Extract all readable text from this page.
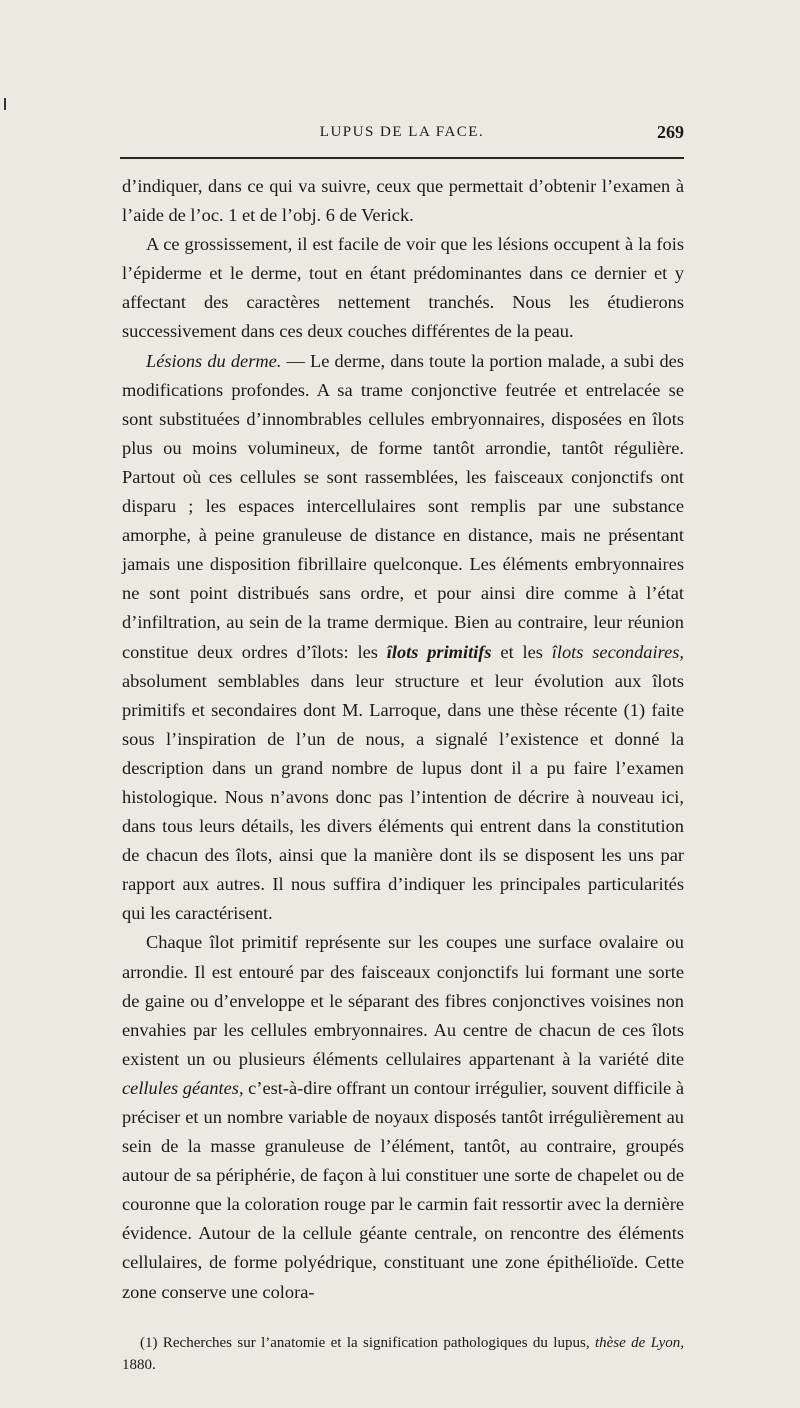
LUPUS DE LA FACE.	269

d’indiquer, dans ce qui va suivre, ceux que permettait d’obtenir l’examen à l’aide de l’oc. 1 et de l’obj. 6 de Verick.

A ce grossissement, il est facile de voir que les lésions occupent à la fois l’épiderme et le derme, tout en étant prédominantes dans ce dernier et y affectant des caractères nettement tranchés. Nous les étudierons successivement dans ces deux couches différentes de la peau.

Lésions du derme. — Le derme, dans toute la portion malade, a subi des modifications profondes. A sa trame conjonctive feutrée et entrelacée se sont substituées d’innombrables cellules embryonnaires, disposées en îlots plus ou moins volumineux, de forme tantôt arrondie, tantôt régulière. Partout où ces cellules se sont rassemblées, les faisceaux conjonctifs ont disparu ; les espaces intercellulaires sont remplis par une substance amorphe, à peine granuleuse de distance en distance, mais ne présentant jamais une disposition fibrillaire quelconque. Les éléments embryonnaires ne sont point distribués sans ordre, et pour ainsi dire comme à l’état d’infiltration, au sein de la trame dermique. Bien au contraire, leur réunion constitue deux ordres d’îlots: les îlots primitifs et les îlots secondaires, absolument semblables dans leur structure et leur évolution aux îlots primitifs et secondaires dont M. Larroque, dans une thèse récente (1) faite sous l’inspiration de l’un de nous, a signalé l’existence et donné la description dans un grand nombre de lupus dont il a pu faire l’examen histologique. Nous n’avons donc pas l’intention de décrire à nouveau ici, dans tous leurs détails, les divers éléments qui entrent dans la constitution de chacun des îlots, ainsi que la manière dont ils se disposent les uns par rapport aux autres. Il nous suffira d’indiquer les principales particularités qui les caractérisent.

Chaque îlot primitif représente sur les coupes une surface ovalaire ou arrondie. Il est entouré par des faisceaux conjonctifs lui formant une sorte de gaine ou d’enveloppe et le séparant des fibres conjonctives voisines non envahies par les cellules embryonnaires. Au centre de chacun de ces îlots existent un ou plusieurs éléments cellulaires appartenant à la variété dite cellules géantes, c’est-à-dire offrant un contour irrégulier, souvent difficile à préciser et un nombre variable de noyaux disposés tantôt irrégulièrement au sein de la masse granuleuse de l’élément, tantôt, au contraire, groupés autour de sa périphérie, de façon à lui constituer une sorte de chapelet ou de couronne que la coloration rouge par le carmin fait ressortir avec la dernière évidence. Autour de la cellule géante centrale, on rencontre des éléments cellulaires, de forme polyédrique, constituant une zone épithélioïde. Cette zone conserve une colora-

(1) Recherches sur l’anatomie et la signification pathologiques du lupus, thèse de Lyon, 1880.
